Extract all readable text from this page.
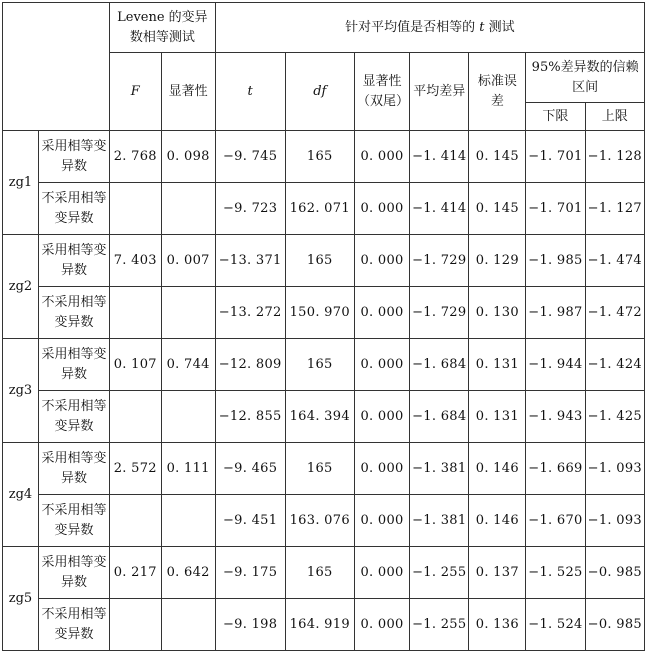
		Levene 的变异数相等测试		针对平均值是否相等的 t 测试						
		F	显著性	t	df	显著性（双尾）	平均差异	标准误差	95%差异数的信赖区间	
									下限	上限
zg1	采用相等变异数	2. 768	0. 098	−9. 745	165	0. 000	−1. 414	0. 145	−1. 701	−1. 128
	不采用相等变异数			−9. 723	162. 071	0. 000	−1. 414	0. 145	−1. 701	−1. 127
zg2	采用相等变异数	7. 403	0. 007	−13. 371	165	0. 000	−1. 729	0. 129	−1. 985	−1. 474
	不采用相等变异数			−13. 272	150. 970	0. 000	−1. 729	0. 130	−1. 987	−1. 472
zg3	采用相等变异数	0. 107	0. 744	−12. 809	165	0. 000	−1. 684	0. 131	−1. 944	−1. 424
	不采用相等变异数			−12. 855	164. 394	0. 000	−1. 684	0. 131	−1. 943	−1. 425
zg4	采用相等变异数	2. 572	0. 111	−9. 465	165	0. 000	−1. 381	0. 146	−1. 669	−1. 093
	不采用相等变异数			−9. 451	163. 076	0. 000	−1. 381	0. 146	−1. 670	−1. 093
zg5	采用相等变异数	0. 217	0. 642	−9. 175	165	0. 000	−1. 255	0. 137	−1. 525	−0. 985
	不采用相等变异数			−9. 198	164. 919	0. 000	−1. 255	0. 136	−1. 524	−0. 985
